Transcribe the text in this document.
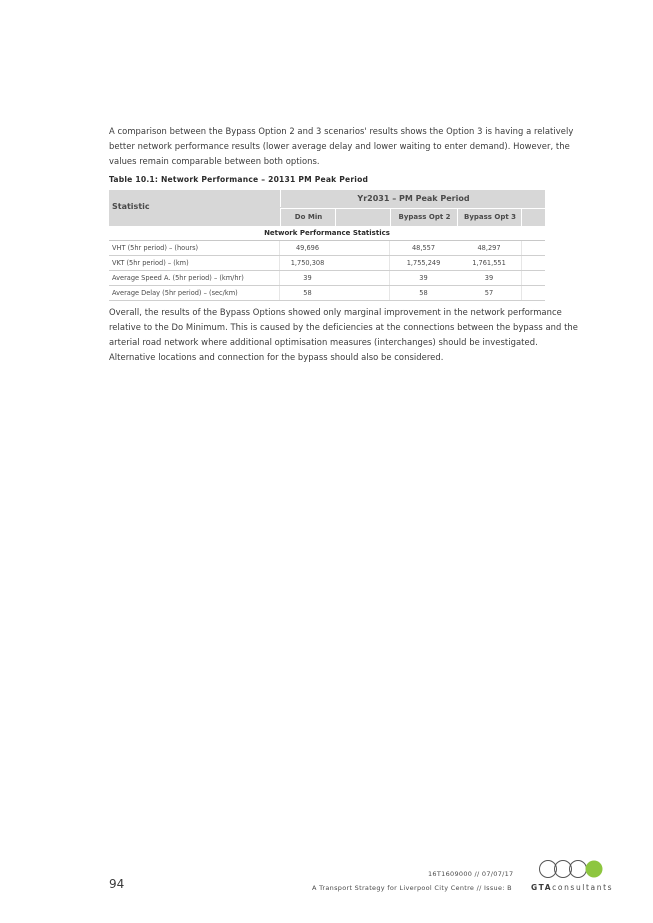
A comparison between the Bypass Option 2 and 3 scenarios' results shows the Option 3 is having a relatively better network performance results (lower average delay and lower waiting to enter demand). However, the values remain comparable between both options.
Table 10.1: Network Performance – 20131 PM Peak Period
Statistic
Yr2031 – PM Peak Period
Do Min	Bypass Opt 2	Bypass Opt 3
Network Performance Statistics
VHT (5hr period) – (hours)	49,696	48,557	48,297
VKT (5hr period) – (km)	1,750,308	1,755,249	1,761,551
Average Speed A. (5hr period) – (km/hr)	39	39	39
Average Delay (5hr period) – (sec/km)	58	58	57
Overall, the results of the Bypass Options showed only marginal improvement in the network performance relative to the Do Minimum. This is caused by the deficiencies at the connections between the bypass and the arterial road network where additional optimisation measures (interchanges) should be investigated. Alternative locations and connection for the bypass should also be considered.
94
16T1609000 // 07/07/17
A Transport Strategy for Liverpool City Centre // Issue: B	GTAconsultants
